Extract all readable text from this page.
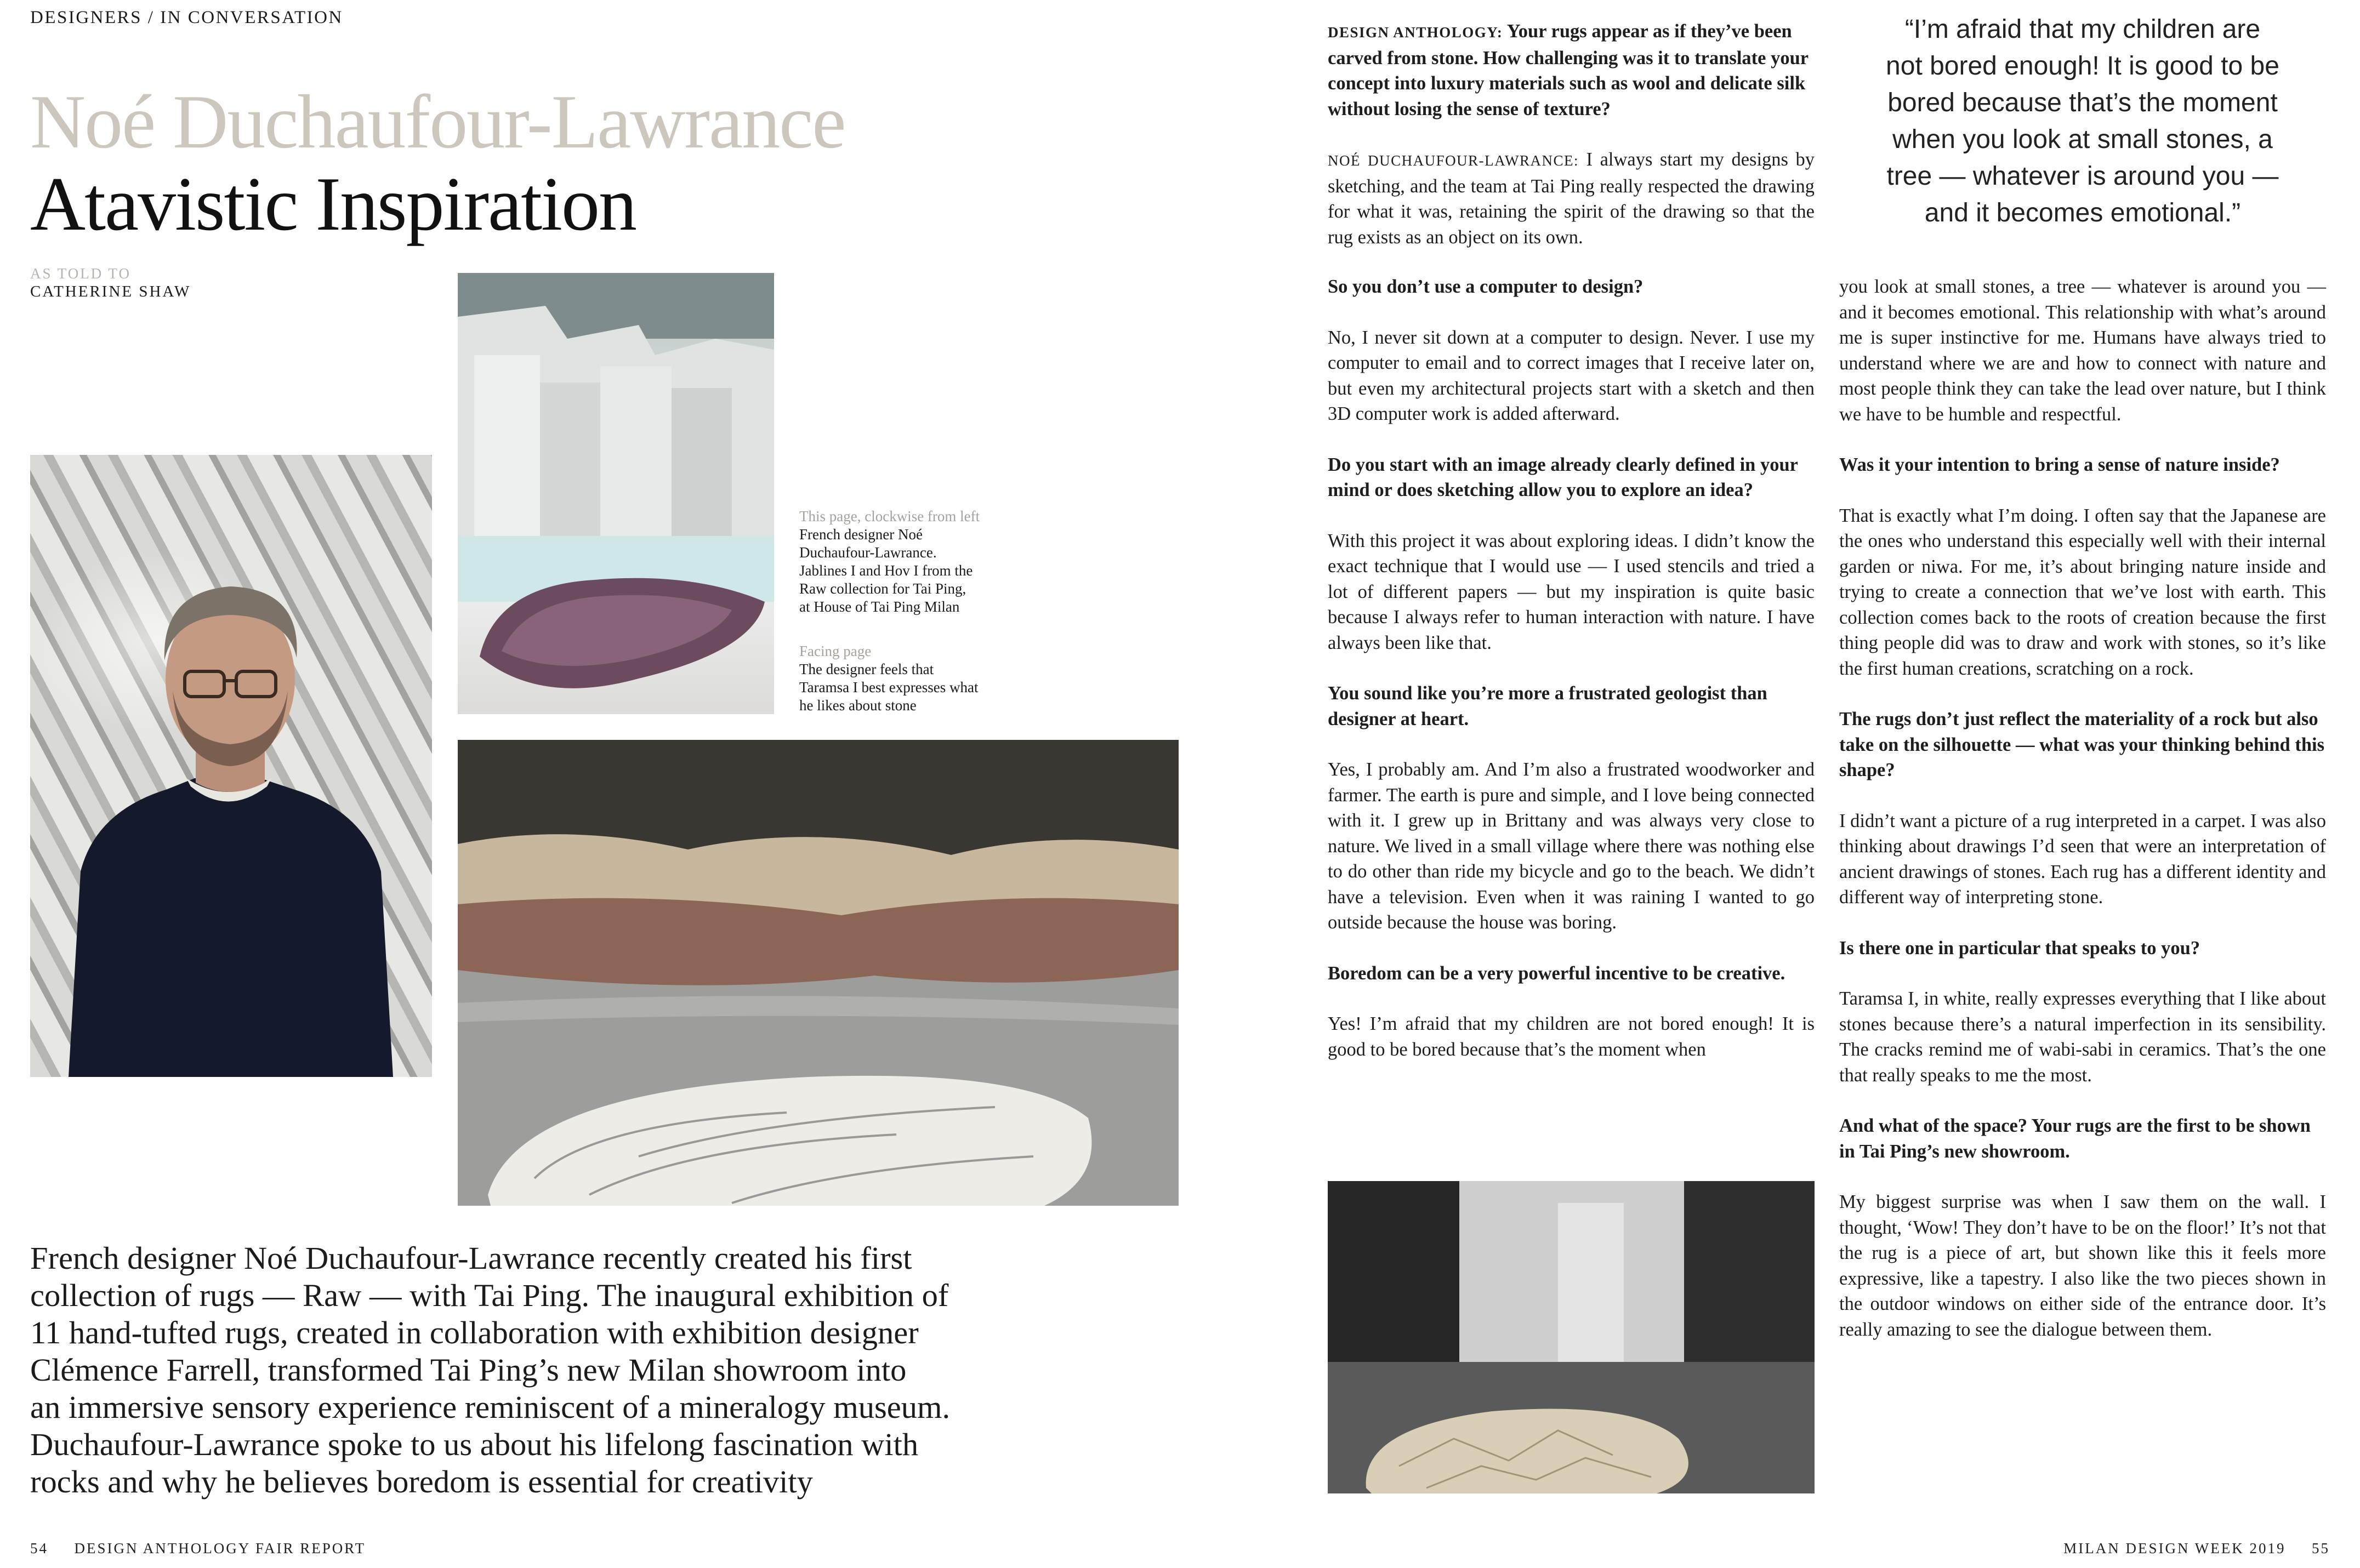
DESIGNERS / IN CONVERSATION
Noé Duchaufour-Lawrance
Atavistic Inspiration
AS TOLD TO
CATHERINE SHAW
This page, clockwise from left
French designer Noé
Duchaufour-Lawrance.
Jablines I and Hov I from the
Raw collection for Tai Ping,
at House of Tai Ping Milan
Facing page
The designer feels that
Taramsa I best expresses what
he likes about stone
French designer Noé Duchaufour-Lawrance recently created his first
collection of rugs — Raw — with Tai Ping. The inaugural exhibition of
11 hand-tufted rugs, created in collaboration with exhibition designer
Clémence Farrell, transformed Tai Ping’s new Milan showroom into
an immersive sensory experience reminiscent of a mineralogy museum.
Duchaufour-Lawrance spoke to us about his lifelong fascination with
rocks and why he believes boredom is essential for creativity
54 DESIGN ANTHOLOGY FAIR REPORT

DESIGN ANTHOLOGY: Your rugs appear as if they’ve been carved from stone. How challenging was it to translate your concept into luxury materials such as wool and delicate silk without losing the sense of texture?

NOÉ DUCHAUFOUR-LAWRANCE: I always start my designs by sketching, and the team at Tai Ping really respected the drawing for what it was, retaining the spirit of the drawing so that the rug exists as an object on its own.

“I’m afraid that my children are
not bored enough! It is good to be
bored because that’s the moment
when you look at small stones, a
tree — whatever is around you —
and it becomes emotional.”

So you don’t use a computer to design?

No, I never sit down at a computer to design. Never. I use my computer to email and to correct images that I receive later on, but even my architectural projects start with a sketch and then 3D computer work is added afterward.

Do you start with an image already clearly defined in your mind or does sketching allow you to explore an idea?

With this project it was about exploring ideas. I didn’t know the exact technique that I would use — I used stencils and tried a lot of different papers — but my inspiration is quite basic because I always refer to human interaction with nature. I have always been like that.

You sound like you’re more a frustrated geologist than designer at heart.

Yes, I probably am. And I’m also a frustrated woodworker and farmer. The earth is pure and simple, and I love being connected with it. I grew up in Brittany and was always very close to nature. We lived in a small village where there was nothing else to do other than ride my bicycle and go to the beach. We didn’t have a television. Even when it was raining I wanted to go outside because the house was boring.

Boredom can be a very powerful incentive to be creative.

Yes! I’m afraid that my children are not bored enough! It is good to be bored because that’s the moment when

you look at small stones, a tree — whatever is around you — and it becomes emotional. This relationship with what’s around me is super instinctive for me. Humans have always tried to understand where we are and how to connect with nature and most people think they can take the lead over nature, but I think we have to be humble and respectful.

Was it your intention to bring a sense of nature inside?

That is exactly what I’m doing. I often say that the Japanese are the ones who understand this especially well with their internal garden or niwa. For me, it’s about bringing nature inside and trying to create a connection that we’ve lost with earth. This collection comes back to the roots of creation because the first thing people did was to draw and work with stones, so it’s like the first human creations, scratching on a rock.

The rugs don’t just reflect the materiality of a rock but also take on the silhouette — what was your thinking behind this shape?

I didn’t want a picture of a rug interpreted in a carpet. I was also thinking about drawings I’d seen that were an interpretation of ancient drawings of stones. Each rug has a different identity and different way of interpreting stone.

Is there one in particular that speaks to you?

Taramsa I, in white, really expresses everything that I like about stones because there’s a natural imperfection in its sensibility. The cracks remind me of wabi-sabi in ceramics. That’s the one that really speaks to me the most.

And what of the space? Your rugs are the first to be shown in Tai Ping’s new showroom.

My biggest surprise was when I saw them on the wall. I thought, ‘Wow! They don’t have to be on the floor!’ It’s not that the rug is a piece of art, but shown like this it feels more expressive, like a tapestry. I also like the two pieces shown in the outdoor windows on either side of the entrance door. It’s really amazing to see the dialogue between them.

MILAN DESIGN WEEK 2019 55
